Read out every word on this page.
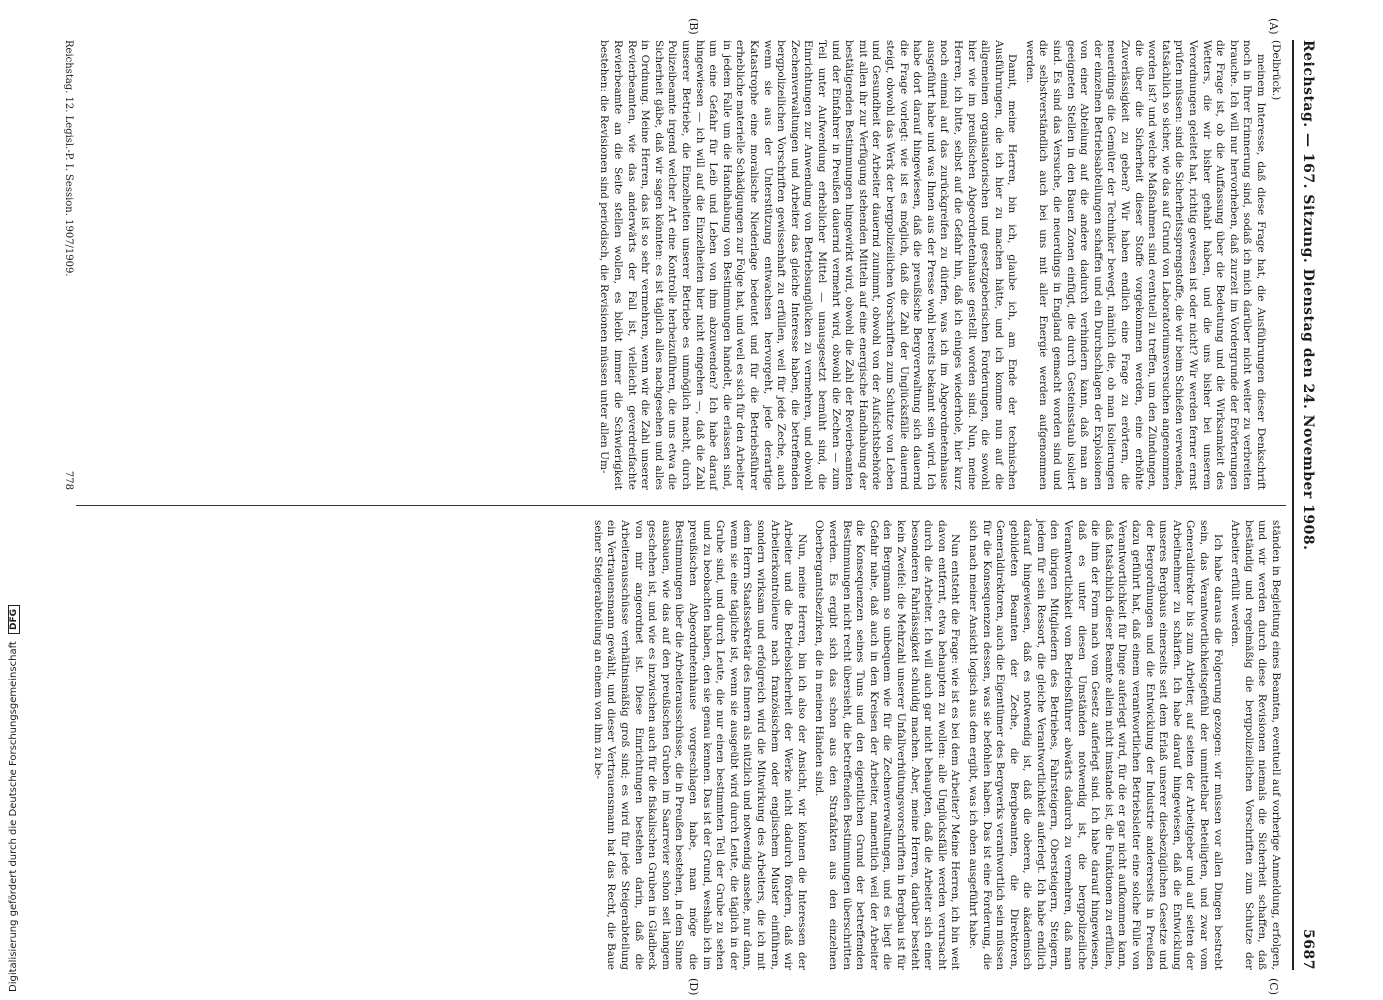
Reichstag. — 167. Sitzung. Dienstag den 24. November 1908.
5687
(Delbrück.)

meinem Interesse, daß diese Frage hat, die Ausführungen dieser Denkschrift noch in Ihrer Erinnerung sind, sodaß ich mich darüber nicht weiter zu verbreiten brauche. Ich will nur hervorheben, daß zurzeit im Vordergrunde der Erörterungen die Frage ist, ob die Auffassung über die Bedeutung und die Wirksamkeit des Wetters, die wir bisher gehabt haben, und die uns bisher bei unserem Verordnungen geleitet hat, richtig gewesen ist oder nicht? Wir werden ferner ernst prüfen müssen: sind die Sicherheitssprengstoffe, die wir beim Schießen verwenden, tatsächlich so sicher, wie das auf Grund von Laboratoriumsversuchen angenommen worden ist? und welche Maßnahmen sind eventuell zu treffen, um den Zündungen, die über die Sicherheit dieser Stoffe vorgekommen werden, eine erhöhte Zuverlässigkeit zu geben? Wir haben endlich eine Frage zu erörtern, die neuerdings die Gemüter der Techniker bewegt, nämlich die, ob man Isolierungen der einzelnen Betriebsabteilungen schaffen und ein Durchschlagen der Explosionen von einer Abteilung auf die andere dadurch verhindern kann, daß man an geeigneten Stellen in den Bauen Zonen einfügt, die durch Gesteinsstaub isoliert sind. Es sind das Versuche, die neuerdings in England gemacht worden sind und die selbstverständlich auch bei uns mit aller Energie werden aufgenommen werden.

Damit, meine Herren, bin ich, glaube ich, am Ende der technischen Ausführungen, die ich hier zu machen hätte, und ich komme nun auf die allgemeinen organisatorischen und gesetzgeberischen Forderungen, die sowohl hier wie im preußischen Abgeordnetenhause gestellt worden sind. Nun, meine Herren, ich bitte, selbst auf die Gefahr hin, daß ich einiges wiederhole, hier kurz noch einmal auf das zurückgreifen zu dürfen, was ich im Abgeordnetenhause ausgeführt habe und was Ihnen aus der Presse wohl bereits bekannt sein wird. Ich habe dort darauf hingewiesen, daß die preußische Bergverwaltung sich dauernd die Frage vorlegt: wie ist es möglich, daß die Zahl der Unglücksfälle dauernd steigt, obwohl das Werk der bergpolizeilichen Vorschriften zum Schutze von Leben und Gesundheit der Arbeiter dauernd zunimmt, obwohl von der Aufsichtsbehörde mit allen ihr zur Verfügung stehenden Mitteln auf eine energische Handhabung der bestätigenden Bestimmungen hingewirkt wird, obwohl die Zahl der Revierbeamten und der Einfahrer in Preußen dauernd vermehrt wird, obwohl die Zechen — zum Teil unter Aufwendung erheblicher Mittel — unausgesetzt bemüht sind, die Einrichtungen zur Anwendung von Betriebsunglücken zu vermehren, und obwohl Zechenverwaltungen und Arbeiter das gleiche Interesse haben, die betreffenden bergpolizeilichen Vorschriften gewissenhaft zu erfüllen, weil für jede Zeche, auch wenn sie aus der Unterstützung entwachsen hervorgeht, jede derartige Katastrophe eine moralische Niederlage bedeutet und für die Betriebsführer erhebliche materielle Schädigungen zur Folge hat, und weil es sich für den Arbeiter in jedem Falle um die Handhabung von Bestimmungen handelt, die erlassen sind, um eine Gefahr für Leib und Leben von ihm abzuwenden? Ich habe darauf hingewiesen — ich will auf die Einzelheiten hier nicht eingehen —, daß die Zahl unserer Betriebe, die Einzelheiten unserer Betriebe es unmöglich macht, durch Polizeibeamte irgend welcher Art eine Kontrolle herbeizuführen, die uns etwa die Sicherheit gäbe, daß wir sagen könnten: es ist täglich alles nachgesehen und alles in Ordnung. Meine Herren, das ist so sehr vermehren, wenn wir die Zahl unserer Revierbeamten, wie das anderwärts der Fall ist, vielleicht geverdreifachte Revierbeamte an die Seite stellen wollen, es bleibt immer die Schwierigkeit bestehen: die Revisionen sind periodisch, die Revisionen müssen unter allen Um-

Reichstag. 12. Legisl.-P. I. Session. 1907/1909.
778

ständen in Begleitung eines Beamten, eventuell auf vorherige Anmeldung, erfolgen, und wir werden durch diese Revisionen niemals die Sicherheit schaffen, daß beständig und regelmäßig die bergpolizeilichen Vorschriften zum Schutze der Arbeiter erfüllt werden.

Ich habe daraus die Folgerung gezogen: wir müssen vor allen Dingen bestrebt sein, das Verantwortlichkeitsgefühl der unmittelbar Beteiligten, und zwar vom Generaldirektor bis zum Arbeiter, auf seiten der Arbeitgeber und auf seiten der Arbeitnehmer zu schärfen. Ich habe darauf hingewiesen, daß die Entwicklung unseres Bergbaus einerseits seit dem Erlaß unserer diesbezüglichen Gesetze und der Bergordnungen und die Entwicklung der Industrie andererseits in Preußen dazu geführt hat, daß einem verantwortlichen Betriebsleiter eine solche Fülle von Verantwortlichkeit für Dinge auferlegt wird, für die er gar nicht aufkommen kann, daß tatsächlich dieser Beamte allein nicht imstande ist, die Funktionen zu erfüllen, die ihm der Form nach vom Gesetz auferlegt sind. Ich habe darauf hingewiesen, daß es unter diesen Umständen notwendig ist, die bergpolizeiliche Verantwortlichkeit vom Betriebsführer abwärts dadurch zu vermehren, daß man den übrigen Mitgliedern des Betriebes, Fahrsteigern, Obersteigern, Steigern, jedem für sein Ressort, die gleiche Verantwortlichkeit auferlegt. Ich habe endlich darauf hingewiesen, daß es notwendig ist, daß die oberen, die akademisch gebildeten Beamten der Zeche, die Bergbeamten, die Direktoren, Generaldirektoren, auch die Eigentümer des Bergwerks verantwortlich sein müssen für die Konsequenzen dessen, was sie befohlen haben. Das ist eine Forderung, die sich nach meiner Ansicht logisch aus dem ergibt, was ich oben ausgeführt habe.

Nun entsteht die Frage: wie ist es bei dem Arbeiter? Meine Herren, ich bin weit davon entfernt, etwa behaupten zu wollen: alle Unglücksfälle werden verursacht durch die Arbeiter. Ich will auch gar nicht behaupten, daß die Arbeiter sich einer besonderen Fahrlässigkeit schuldig machen. Aber, meine Herren, darüber besteht kein Zweifel: die Mehrzahl unserer Unfallverhütungsvorschriften in Bergbau ist für den Bergmann so unbequem wie für die Zechenverwaltungen, und es liegt die Gefahr nahe, daß auch in den Kreisen der Arbeiter, namentlich weil der Arbeiter die Konsequenzen seines Tuns und den eigentlichen Grund der betreffenden Bestimmungen nicht recht übersieht, die betreffenden Bestimmungen überschritten werden. Es ergibt sich das schon aus den Strafakten aus den einzelnen Oberbergamtsbezirken, die in meinen Händen sind.

Nun, meine Herren, bin ich also der Ansicht, wir können die Interessen der Arbeiter und die Betriebsicherheit der Werke nicht dadurch fördern, daß wir Arbeiterkontrolleure nach französischem oder englischem Muster einführen, sondern wirksam und erfolgreich wird die Mitwirkung des Arbeiters, die ich mit dem Herrn Staatssekretär des Innern als nützlich und notwendig ansehe, nur dann, wenn sie eine tägliche ist, wenn sie ausgeübt wird durch Leute, die täglich in der Grube sind, und durch Leute, die nur einen bestimmten Teil der Grube zu sehen und zu beobachten haben, den sie genau kennen. Das ist der Grund, weshalb ich im preußischen Abgeordnetenhause vorgeschlagen habe, man möge die Bestimmungen über die Arbeiterausschüsse, die in Preußen bestehen, in dem Sinne ausbauen, wie das auf den preußischen Gruben im Saarrevier schon seit langem geschehen ist, und wie es inzwischen auch für die fiskalischen Gruben in Gladbeck von mir angeordnet ist. Diese Einrichtungen bestehen darin, daß die Arbeiterausschüsse verhältnismäßig groß sind; es wird für jede Steigerabteilung ein Vertrauensmann gewählt, und dieser Vertrauensmann hat das Recht, die Baue seiner Steigerabteilung an einem von ihm zu be-

(A)
(B)
(C)
(D)
Digitalisierung gefördert durch die Deutsche Forschungsgemeinschaft DFG
